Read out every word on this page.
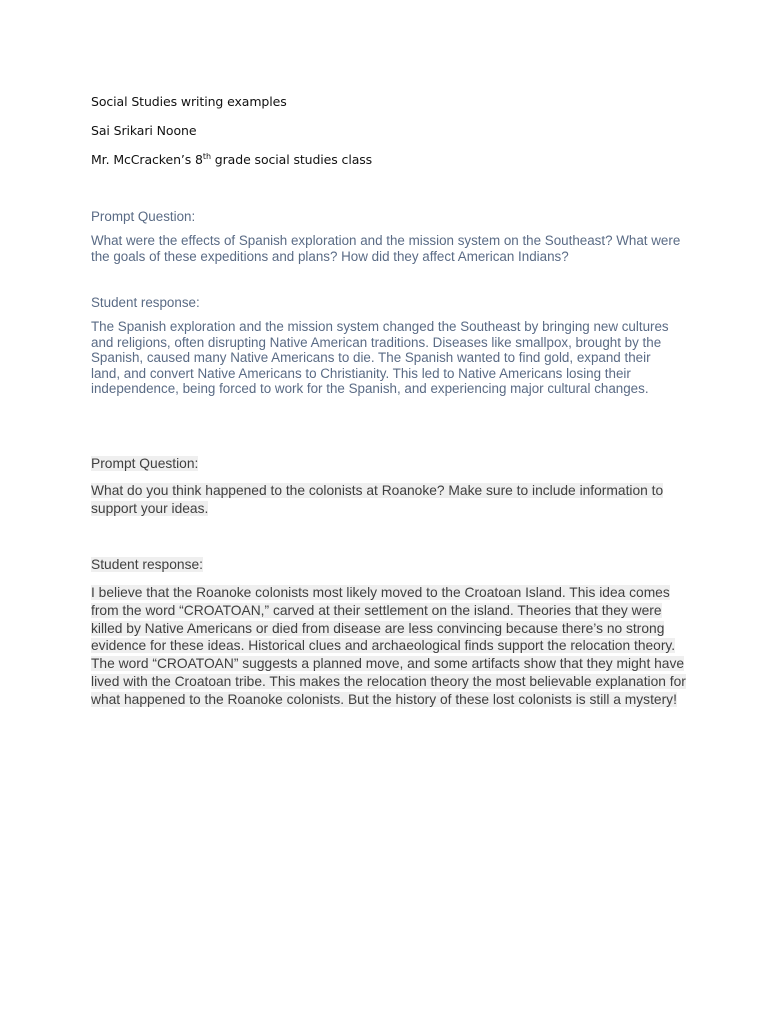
Social Studies writing examples
Sai Srikari Noone
Mr. McCracken’s 8th grade social studies class
Prompt Question:
What were the effects of Spanish exploration and the mission system on the Southeast? What were the goals of these expeditions and plans? How did they affect American Indians?
Student response:
The Spanish exploration and the mission system changed the Southeast by bringing new cultures and religions, often disrupting Native American traditions. Diseases like smallpox, brought by the Spanish, caused many Native Americans to die. The Spanish wanted to find gold, expand their land, and convert Native Americans to Christianity. This led to Native Americans losing their independence, being forced to work for the Spanish, and experiencing major cultural changes.
Prompt Question:
What do you think happened to the colonists at Roanoke? Make sure to include information to support your ideas.
Student response:
I believe that the Roanoke colonists most likely moved to the Croatoan Island. This idea comes from the word “CROATOAN,” carved at their settlement on the island. Theories that they were killed by Native Americans or died from disease are less convincing because there’s no strong evidence for these ideas. Historical clues and archaeological finds support the relocation theory. The word “CROATOAN” suggests a planned move, and some artifacts show that they might have lived with the Croatoan tribe. This makes the relocation theory the most believable explanation for what happened to the Roanoke colonists. But the history of these lost colonists is still a mystery!
